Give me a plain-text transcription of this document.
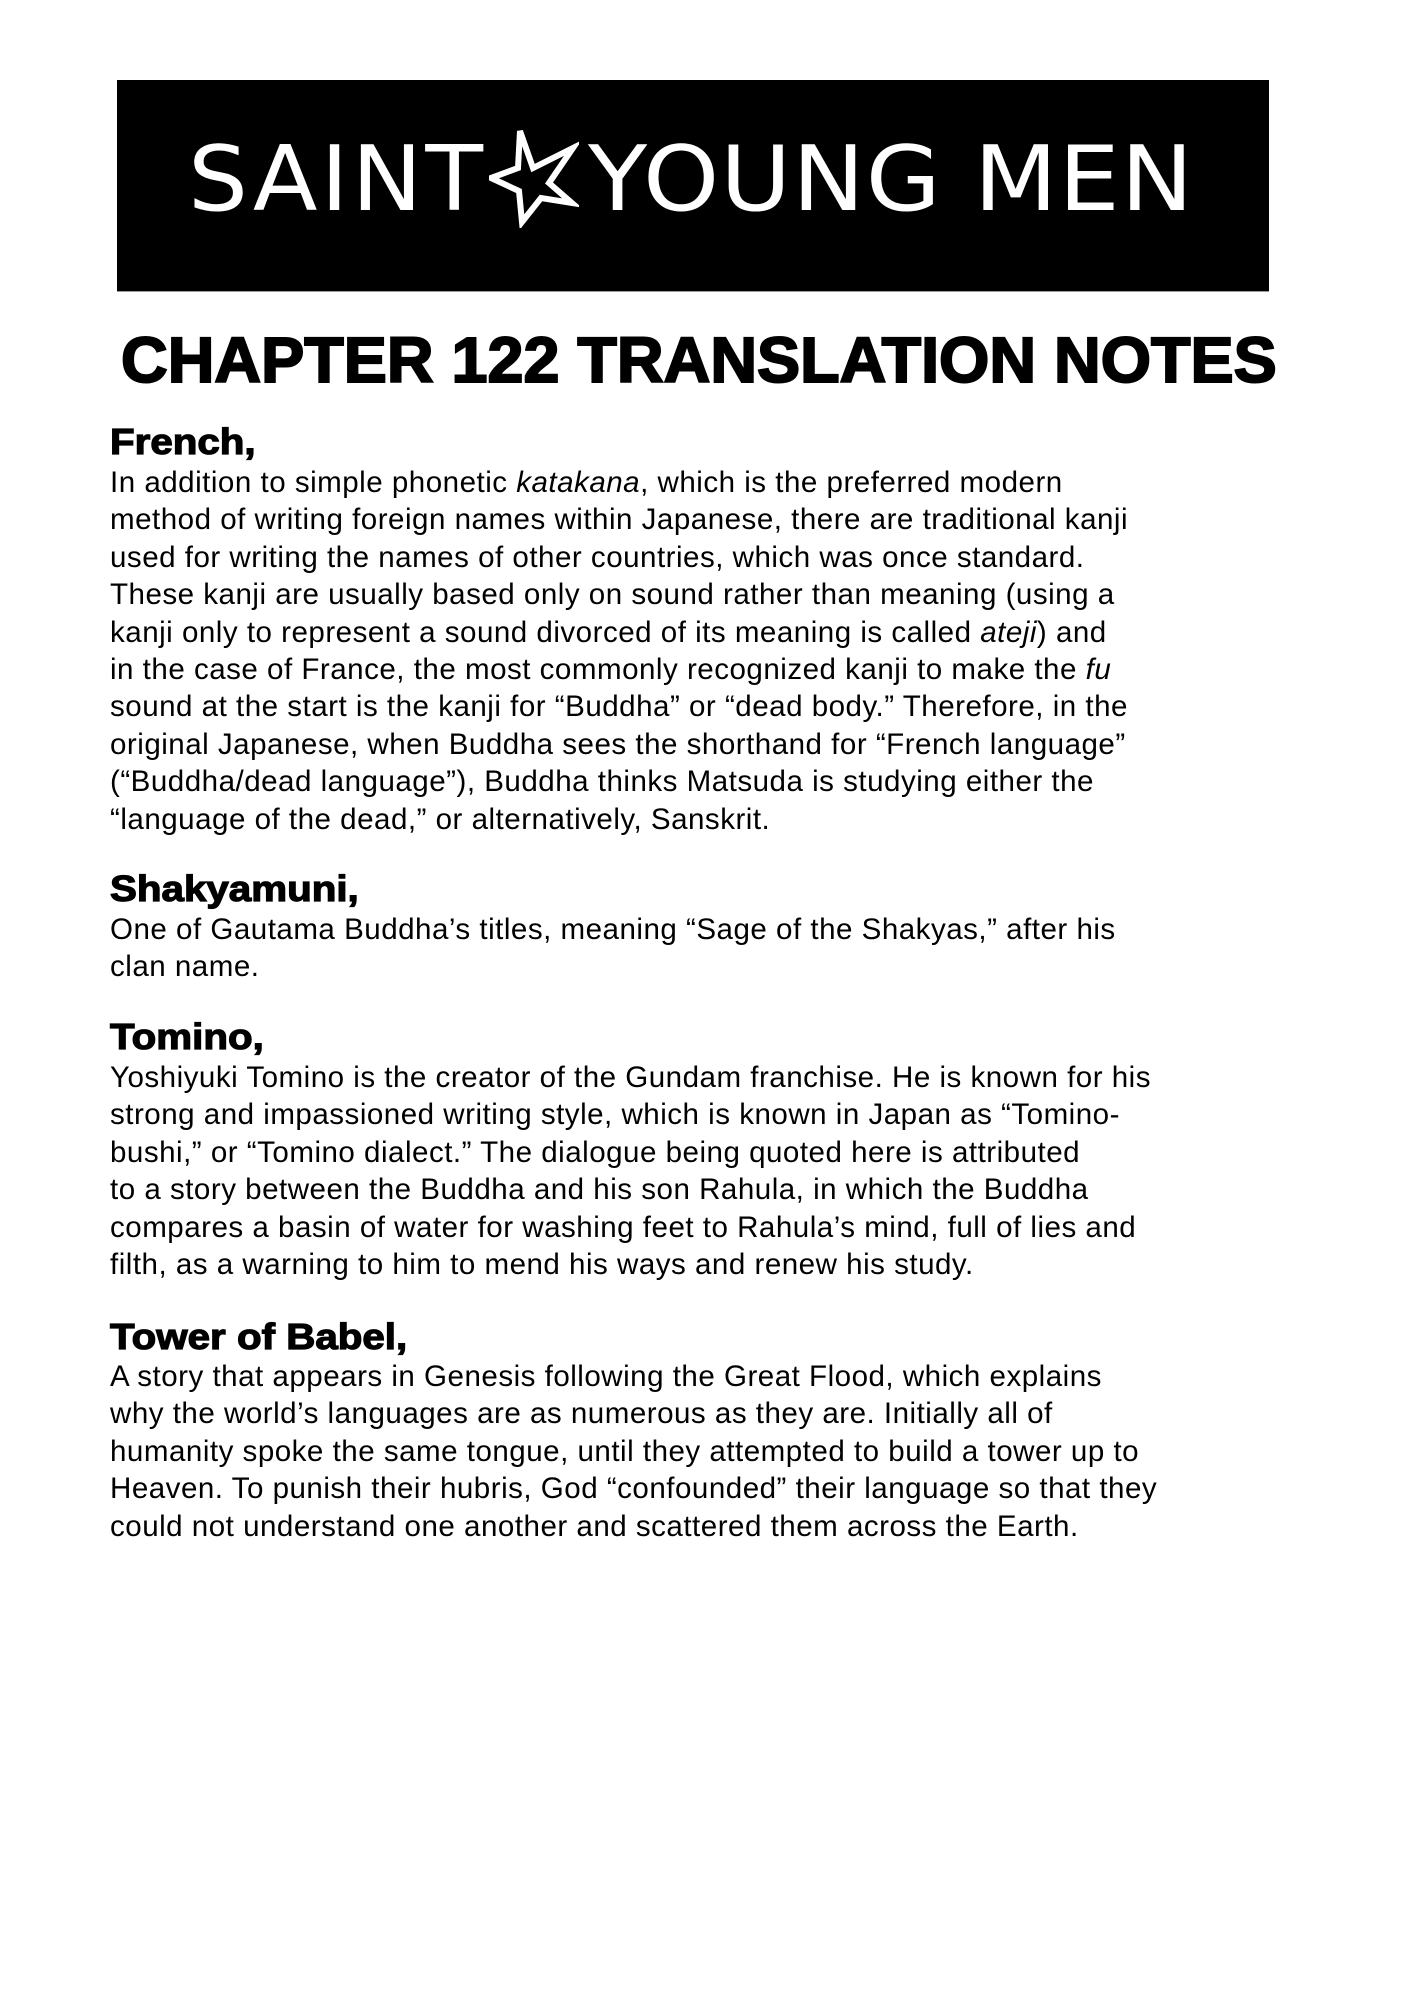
SAINT YOUNG MEN
CHAPTER 122 TRANSLATION NOTES
French,
In addition to simple phonetic katakana, which is the preferred modern
method of writing foreign names within Japanese, there are traditional kanji
used for writing the names of other countries, which was once standard.
These kanji are usually based only on sound rather than meaning (using a
kanji only to represent a sound divorced of its meaning is called ateji) and
in the case of France, the most commonly recognized kanji to make the fu
sound at the start is the kanji for “Buddha” or “dead body.” Therefore, in the
original Japanese, when Buddha sees the shorthand for “French language”
(“Buddha/dead language”), Buddha thinks Matsuda is studying either the
“language of the dead,” or alternatively, Sanskrit.
Shakyamuni,
One of Gautama Buddha’s titles, meaning “Sage of the Shakyas,” after his
clan name.
Tomino,
Yoshiyuki Tomino is the creator of the Gundam franchise. He is known for his
strong and impassioned writing style, which is known in Japan as “Tomino-
bushi,” or “Tomino dialect.” The dialogue being quoted here is attributed
to a story between the Buddha and his son Rahula, in which the Buddha
compares a basin of water for washing feet to Rahula’s mind, full of lies and
filth, as a warning to him to mend his ways and renew his study.
Tower of Babel,
A story that appears in Genesis following the Great Flood, which explains
why the world’s languages are as numerous as they are. Initially all of
humanity spoke the same tongue, until they attempted to build a tower up to
Heaven. To punish their hubris, God “confounded” their language so that they
could not understand one another and scattered them across the Earth.
